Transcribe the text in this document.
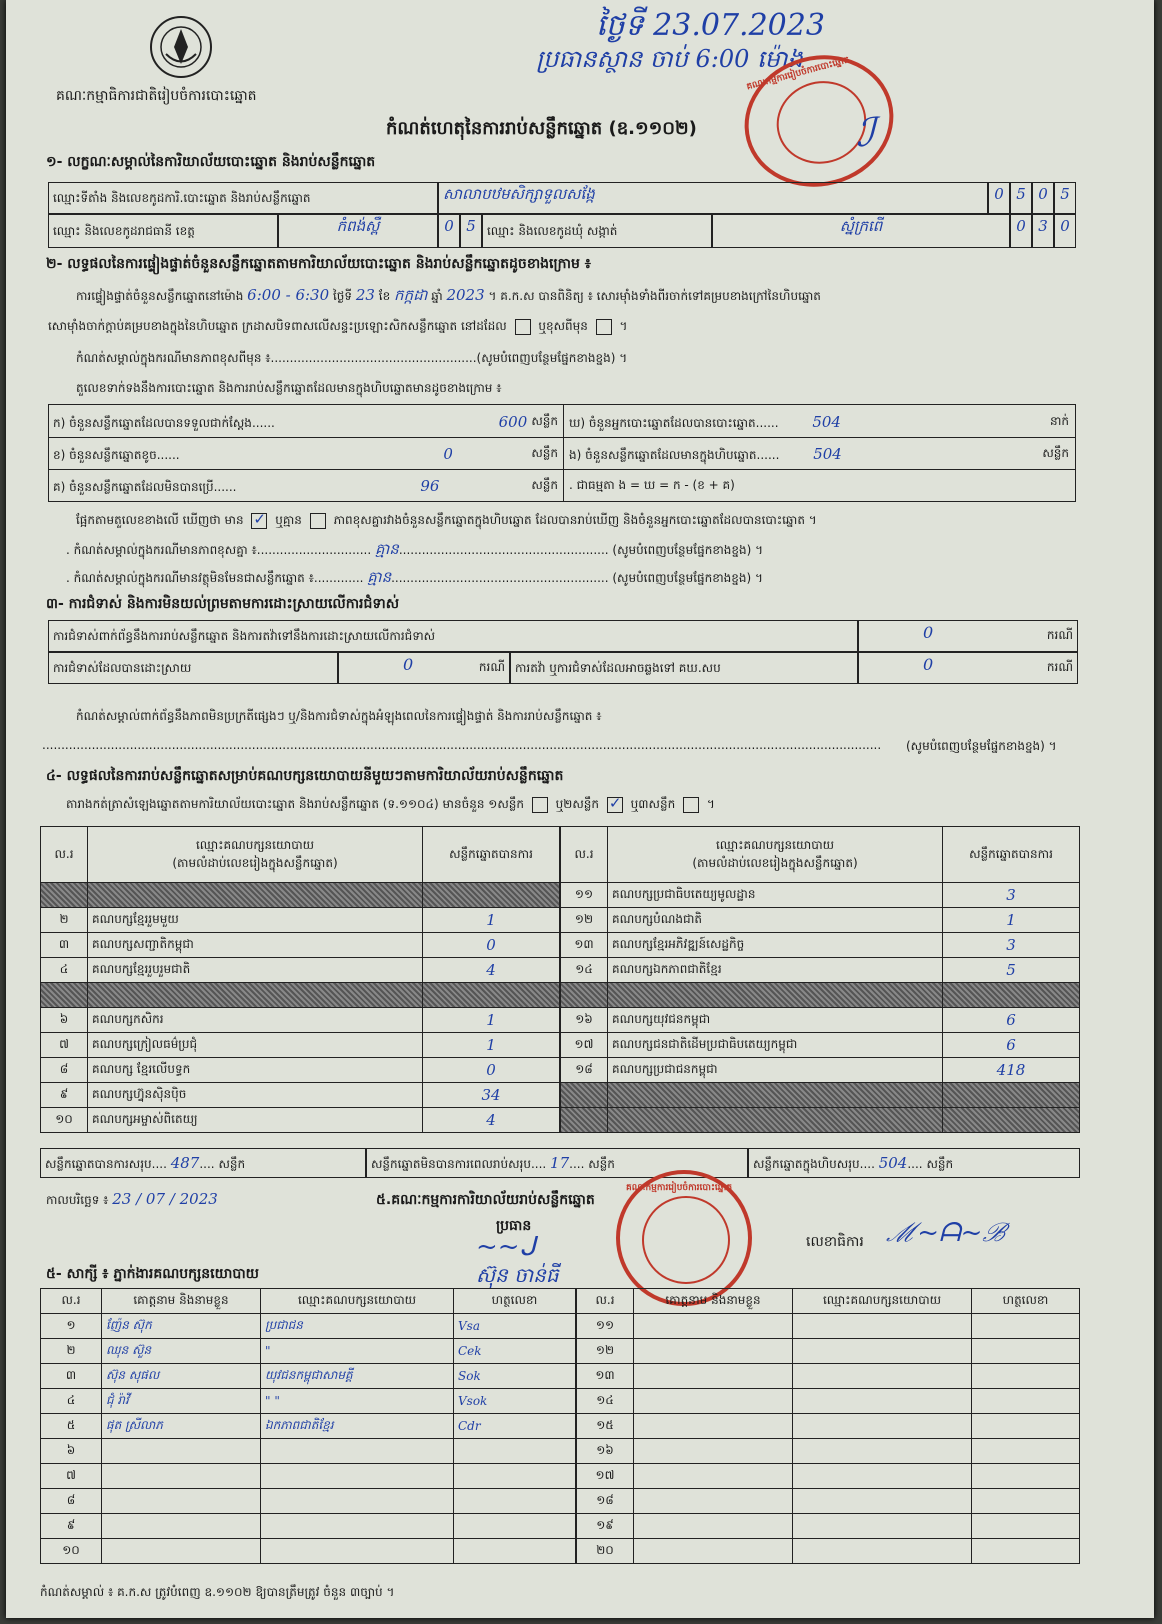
គណៈកម្មាធិការជាតិរៀបចំការបោះឆ្នោត
ថ្ងៃទី 23.07.2023
ប្រធានស្ថាន ចាប់ 6:00 ម៉ោង
គណៈកម្មការរៀបចំការបោះឆ្នោត
ℐ
កំណត់ហេតុនៃការរាប់សន្លឹកឆ្នោត (ឧ.១១០២)
១- លក្ខណៈសម្គាល់នៃការិយាល័យបោះឆ្នោត និងរាប់សន្លឹកឆ្នោត
ឈ្មោះទីតាំង និងលេខកូដការិ.បោះឆ្នោត និងរាប់សន្លឹកឆ្នោត	សាលាបឋមសិក្សាទួលសង្កែ	0 5 0 5
ឈ្មោះ និងលេខកូដរាជធានី ខេត្ត	កំពង់ស្ពឺ	0 5 ឈ្មោះ និងលេខកូដឃុំ សង្កាត់	ស្នំក្រពើ	0 3 0
២- លទ្ធផលនៃការផ្ទៀងផ្ទាត់ចំនួនសន្លឹកឆ្នោតតាមការិយាល័យបោះឆ្នោត និងរាប់សន្លឹកឆ្នោតដូចខាងក្រោម ៖
ការផ្ទៀងផ្ទាត់ចំនួនសន្លឹកឆ្នោតនៅម៉ោង 6:00 - 6:30 ថ្ងៃទី 23 ខែ កក្កដា ឆ្នាំ 2023 ។ គ.ក.ស បានពិនិត្យ ៖ សោរម៉ាំងទាំងពីរចាក់ទៅគម្របខាងក្រៅនៃហិបឆ្នោត
សោម៉ាំងចាក់ក្ដាប់គម្របខាងក្នុងនៃហិបឆ្នោត ក្រដាសបិទពាសលើសន្ទះប្រឡោះសិកសន្លឹកឆ្នោត នៅដដែល	ឬខុសពីមុន  ។
កំណត់សម្គាល់ក្នុងករណីមានភាពខុសពីមុន ៖......................................................(សូមបំពេញបន្ថែមផ្នែកខាងខ្នង) ។
តួលេខទាក់ទងនឹងការបោះឆ្នោត និងការរាប់សន្លឹកឆ្នោតដែលមានក្នុងហិបឆ្នោតមានដូចខាងក្រោម ៖
ក) ចំនួនសន្លឹកឆ្នោតដែលបានទទួលជាក់ស្ដែង......	600 សន្លឹក
ខ) ចំនួនសន្លឹកឆ្នោតខូច......	0	សន្លឹក
គ) ចំនួនសន្លឹកឆ្នោតដែលមិនបានប្រើ......	96	សន្លឹក
ឃ) ចំនួនអ្នកបោះឆ្នោតដែលបានបោះឆ្នោត...... 504	នាក់
ង) ចំនួនសន្លឹកឆ្នោតដែលមានក្នុងហិបឆ្នោត...... 504	សន្លឹក
. ជាធម្មតា ង = ឃ = ក - (ខ + គ)
ផ្អែកតាមតួលេខខាងលើ ឃើញថា មាន ✓	ឬគ្មាន	ភាពខុសគ្នារវាងចំនួនសន្លឹកឆ្នោតក្នុងហិបឆ្នោត ដែលបានរាប់ឃើញ និងចំនួនអ្នកបោះឆ្នោតដែលបានបោះឆ្នោត ។
. កំណត់សម្គាល់ក្នុងករណីមានភាពខុសគ្នា ៖.............................. គ្មាន....................................................... (សូមបំពេញបន្ថែមផ្នែកខាងខ្នង) ។
. កំណត់សម្គាល់ក្នុងករណីមានវត្ថុមិនមែនជាសន្លឹកឆ្នោត ៖............. គ្មាន......................................................... (សូមបំពេញបន្ថែមផ្នែកខាងខ្នង) ។
៣- ការជំទាស់ និងការមិនយល់ព្រមតាមការដោះស្រាយលើការជំទាស់
ការជំទាស់ពាក់ព័ន្ធនឹងការរាប់សន្លឹកឆ្នោត និងការតវ៉ាទៅនឹងការដោះស្រាយលើការជំទាស់	0	ករណី
ការជំទាស់ដែលបានដោះស្រាយ	0	ករណី ការតវ៉ា ឬការជំទាស់ដែលអាចឆ្លងទៅ គឃ.សប	0	ករណី
កំណត់សម្គាល់ពាក់ព័ន្ធនឹងភាពមិនប្រក្រតីផ្សេងៗ ឬ/និងការជំទាស់ក្នុងអំឡុងពេលនៃការផ្ទៀងផ្ទាត់ និងការរាប់សន្លឹកឆ្នោត ៖
............................................................................................................................................................................................................................ (សូមបំពេញបន្ថែមផ្នែកខាងខ្នង) ។
៤- លទ្ធផលនៃការរាប់សន្លឹកឆ្នោតសម្រាប់គណបក្សនយោបាយនីមួយៗតាមការិយាល័យរាប់សន្លឹកឆ្នោត
តារាងកត់ត្រាសំឡេងឆ្នោតតាមការិយាល័យបោះឆ្នោត និងរាប់សន្លឹកឆ្នោត (ទ.១១០៤) មានចំនួន ១សន្លឹក	ឬ២សន្លឹក ✓	ឬ៣សន្លឹក  ។
ល.រ	ឈ្មោះគណបក្សនយោបាយ
(តាមលំដាប់លេខរៀងក្នុងសន្លឹកឆ្នោត)	សន្លឹកឆ្នោតបានការ

២	គណបក្សខ្មែររួមមួយ	1
៣	គណបក្សសញ្ជាតិកម្ពុជា	0
៤	គណបក្សខ្មែររួបរួមជាតិ	4

៦	គណបក្សកសិករ	1
៧	គណបក្សក្រៀលធម៌ប្រជុំ	1
៨	គណបក្ស ខ្មែរលើបទ្ធក	0
៩	គណបក្សហ្វ៊ុនស៊ិនប៉ិច	34
១០	គណបក្សអម្ចាស់ពិតេយ្យ	4
ល.រ	ឈ្មោះគណបក្សនយោបាយ
(តាមលំដាប់លេខរៀងក្នុងសន្លឹកឆ្នោត)	សន្លឹកឆ្នោតបានការ
១១	គណបក្សប្រជាធិបតេយ្យមូលដ្ឋាន	3
១២	គណបក្សបំណងជាតិ	1
១៣	គណបក្សខ្មែរអភិវឌ្ឍន៍សេដ្ឋកិច្ច	3
១៤	គណបក្សឯកភាពជាតិខ្មែរ	5

១៦	គណបក្សយុវជនកម្ពុជា	6
១៧	គណបក្សជនជាតិដើមប្រជាធិបតេយ្យកម្ពុជា	6
១៨	គណបក្សប្រជាជនកម្ពុជា	418

សន្លឹកឆ្នោតបានការសរុប.... 487.... សន្លឹក	សន្លឹកឆ្នោតមិនបានការពេលរាប់សរុប.... 17.... សន្លឹក	សន្លឹកឆ្នោតក្នុងហិបសរុប.... 504.... សន្លឹក
កាលបរិច្ឆេទ ៖ 23 / 07 / 2023	៥.គណៈកម្មការការិយាល័យរាប់សន្លឹកឆ្នោត
ប្រធាន
~~ᒍ
ស៊ុន ចាន់ធី
គណៈកម្មការរៀបចំការបោះឆ្នោត
លេខាធិការ ℳ~ᗩ~ℬ
៥- សាក្សី ៖ ភ្នាក់ងារគណបក្សនយោបាយ
ល.រ	គោត្តនាម និងនាមខ្លួន	ឈ្មោះគណបក្សនយោបាយ	ហត្ថលេខា
១	ញ៉ែន ស៊ុក	ប្រជាជន	Vsa
២	ឈុន ស៊ួន	"	Cek
៣	ស៊ុន សុផល	យុវជនកម្ពុជាសាមគ្គី	Sok
៤	ជុំ រ៉ាវី	" "	Vsok
៥	ផុត ស្រីលាភ	ឯកភាពជាតិខ្មែរ	Cdr
៦			
៧			
៨			
៩			
១០			
ល.រ	គោត្តនាម និងនាមខ្លួន	ឈ្មោះគណបក្សនយោបាយ	ហត្ថលេខា
១១			
១២			
១៣			
១៤			
១៥			
១៦			
១៧			
១៨			
១៩			
២០			
កំណត់សម្គាល់ ៖ គ.ក.ស ត្រូវបំពេញ ឧ.១១០២ ឱ្យបានត្រឹមត្រូវ ចំនួន ៣ច្បាប់ ។
